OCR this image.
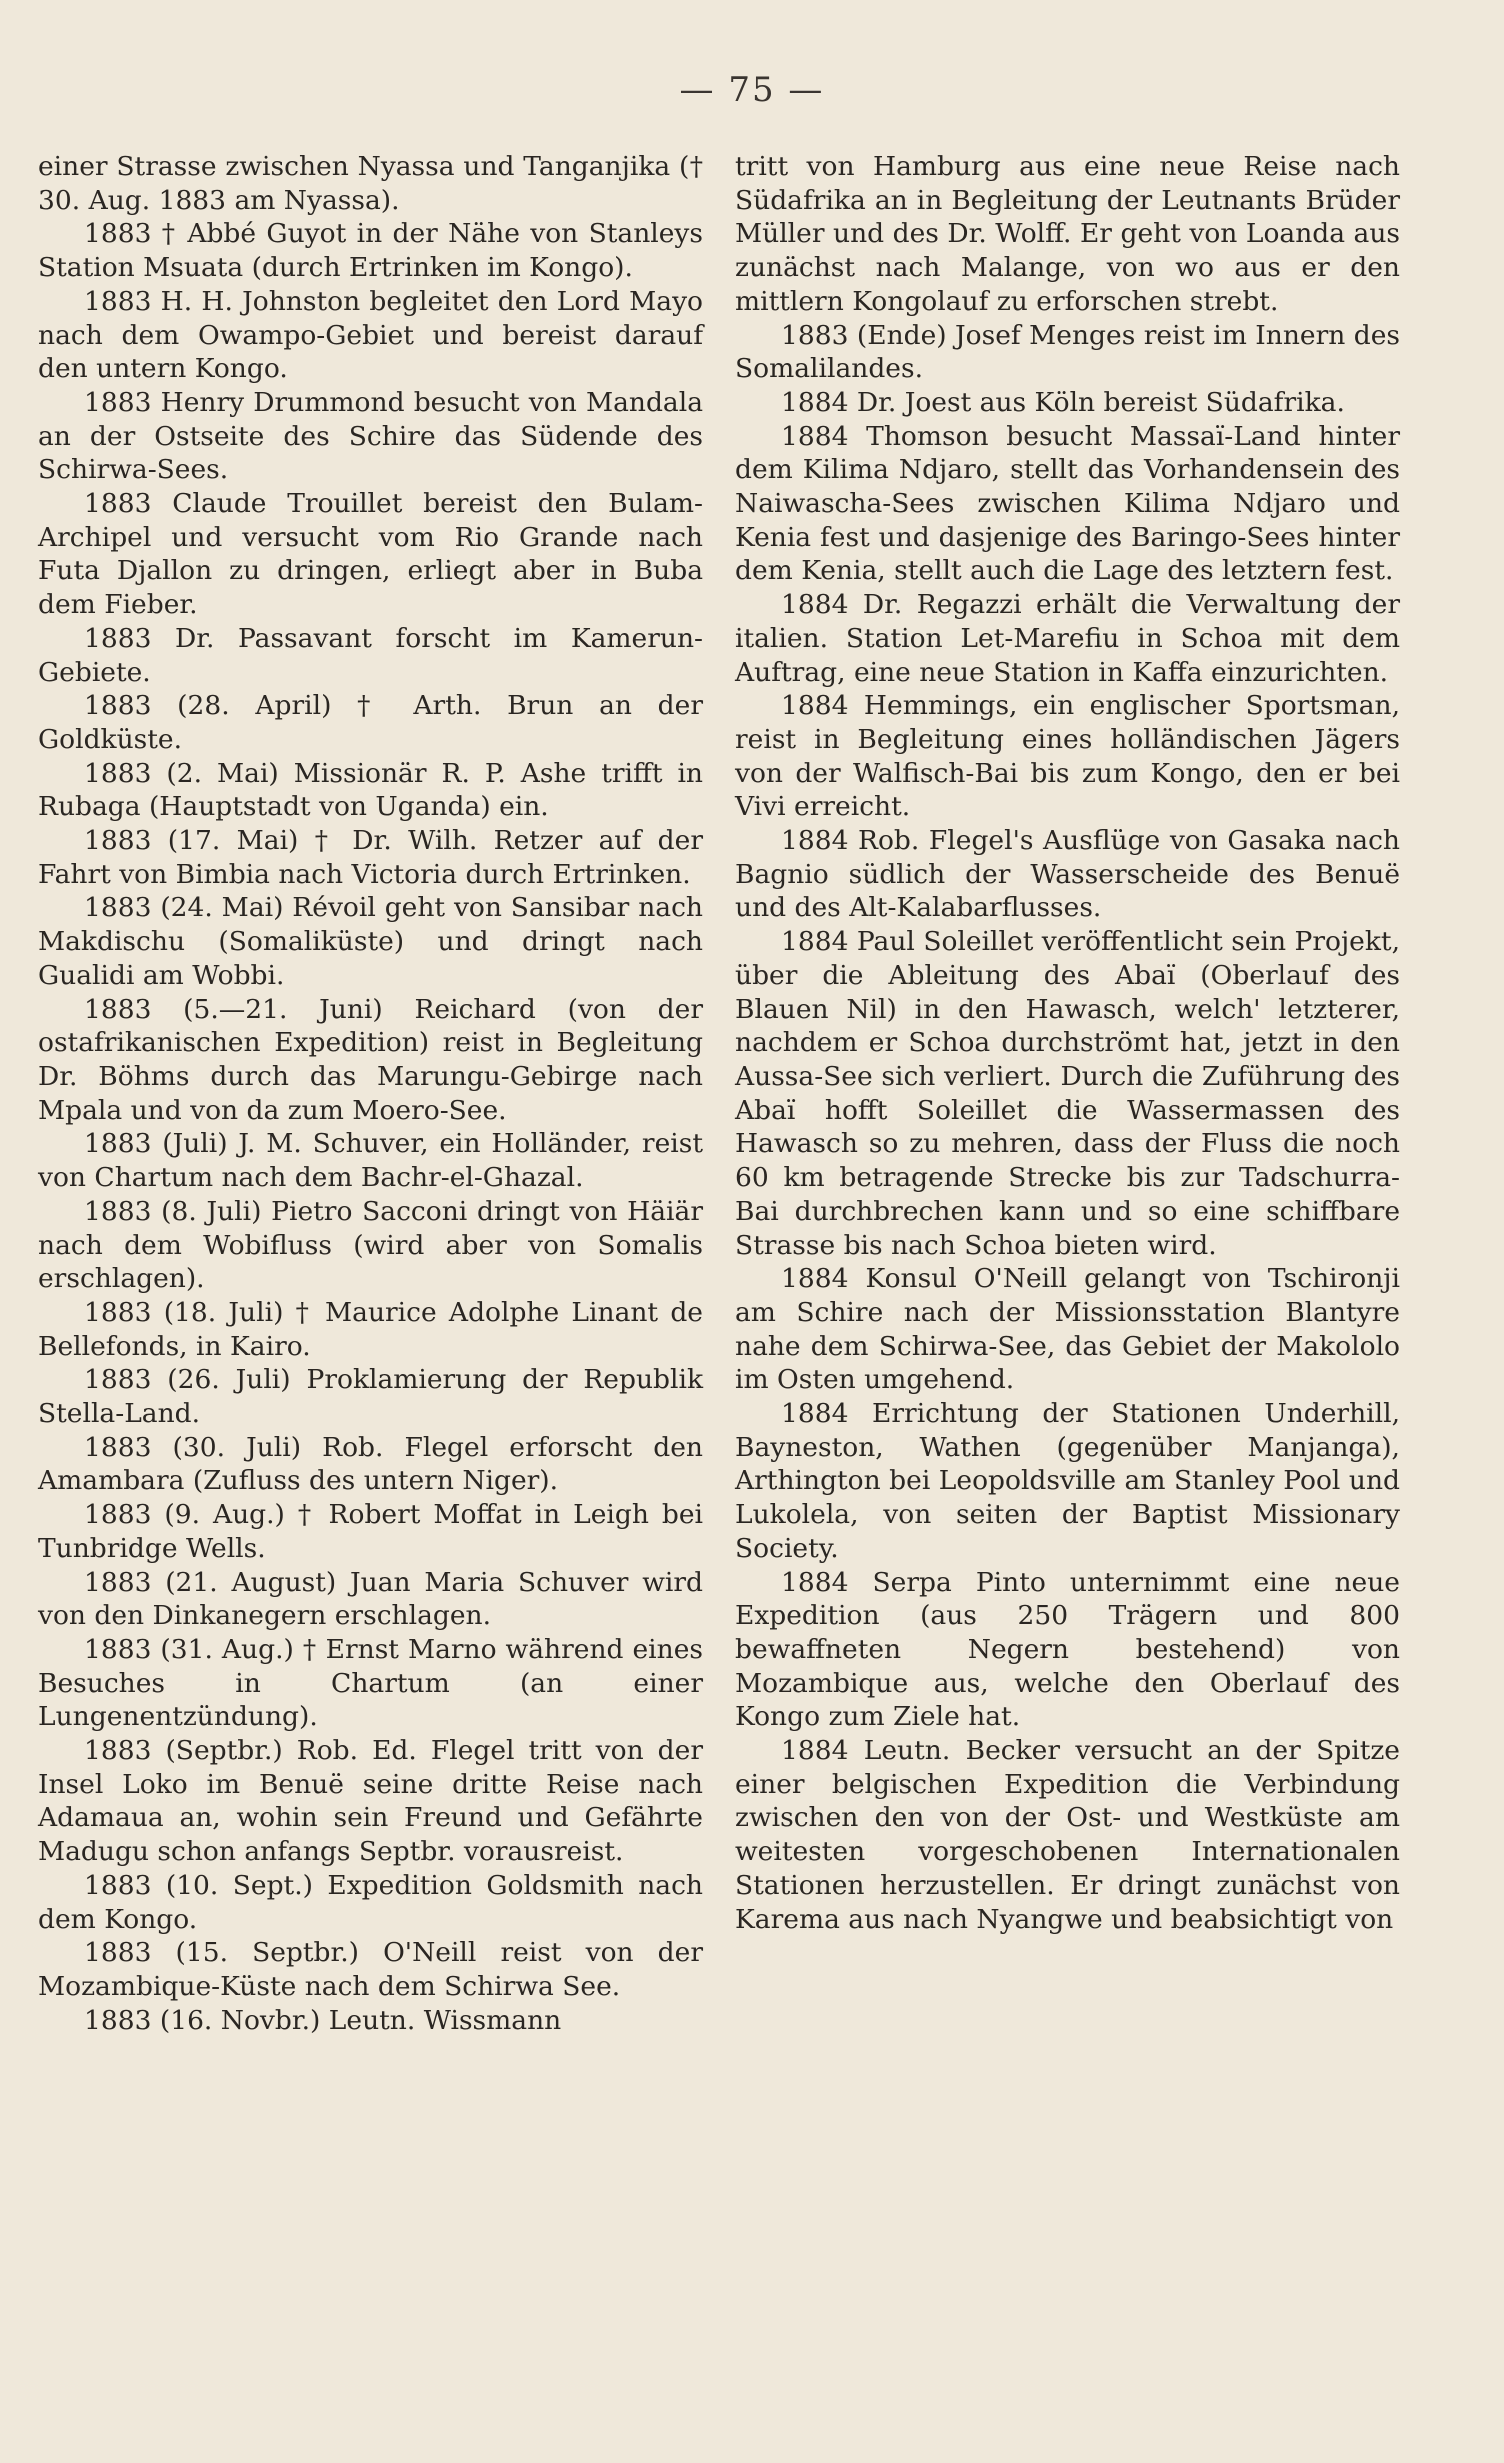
— 75 —

einer Strasse zwischen Nyassa und Tanganjika († 30. Aug. 1883 am Nyassa).

1883 † Abbé Guyot in der Nähe von Stanleys Station Msuata (durch Ertrinken im Kongo).

1883 H. H. Johnston begleitet den Lord Mayo nach dem Owampo-Gebiet und bereist darauf den untern Kongo.

1883 Henry Drummond besucht von Mandala an der Ostseite des Schire das Südende des Schirwa-Sees.

1883 Claude Trouillet bereist den Bulam-Archipel und versucht vom Rio Grande nach Futa Djallon zu dringen, erliegt aber in Buba dem Fieber.

1883 Dr. Passavant forscht im Kamerun-Gebiete.

1883 (28. April) † Arth. Brun an der Goldküste.

1883 (2. Mai) Missionär R. P. Ashe trifft in Rubaga (Hauptstadt von Uganda) ein.

1883 (17. Mai) † Dr. Wilh. Retzer auf der Fahrt von Bimbia nach Victoria durch Ertrinken.

1883 (24. Mai) Révoil geht von Sansibar nach Makdischu (Somaliküste) und dringt nach Gualidi am Wobbi.

1883 (5.—21. Juni) Reichard (von der ostafrikanischen Expedition) reist in Begleitung Dr. Böhms durch das Marungu-Gebirge nach Mpala und von da zum Moero-See.

1883 (Juli) J. M. Schuver, ein Holländer, reist von Chartum nach dem Bachr-el-Ghazal.

1883 (8. Juli) Pietro Sacconi dringt von Häiär nach dem Wobifluss (wird aber von Somalis erschlagen).

1883 (18. Juli) † Maurice Adolphe Linant de Bellefonds, in Kairo.

1883 (26. Juli) Proklamierung der Republik Stella-Land.

1883 (30. Juli) Rob. Flegel erforscht den Amambara (Zufluss des untern Niger).

1883 (9. Aug.) † Robert Moffat in Leigh bei Tunbridge Wells.

1883 (21. August) Juan Maria Schuver wird von den Dinkanegern erschlagen.

1883 (31. Aug.) † Ernst Marno während eines Besuches in Chartum (an einer Lungenentzündung).

1883 (Septbr.) Rob. Ed. Flegel tritt von der Insel Loko im Benuë seine dritte Reise nach Adamaua an, wohin sein Freund und Gefährte Madugu schon anfangs Septbr. vorausreist.

1883 (10. Sept.) Expedition Goldsmith nach dem Kongo.

1883 (15. Septbr.) O'Neill reist von der Mozambique-Küste nach dem Schirwa See.

1883 (16. Novbr.) Leutn. Wissmann

tritt von Hamburg aus eine neue Reise nach Südafrika an in Begleitung der Leutnants Brüder Müller und des Dr. Wolff. Er geht von Loanda aus zunächst nach Malange, von wo aus er den mittlern Kongolauf zu erforschen strebt.

1883 (Ende) Josef Menges reist im Innern des Somalilandes.

1884 Dr. Joest aus Köln bereist Südafrika.

1884 Thomson besucht Massaï-Land hinter dem Kilima Ndjaro, stellt das Vorhandensein des Naiwascha-Sees zwischen Kilima Ndjaro und Kenia fest und dasjenige des Baringo-Sees hinter dem Kenia, stellt auch die Lage des letztern fest.

1884 Dr. Regazzi erhält die Verwaltung der italien. Station Let-Marefiu in Schoa mit dem Auftrag, eine neue Station in Kaffa einzurichten.

1884 Hemmings, ein englischer Sportsman, reist in Begleitung eines holländischen Jägers von der Walfisch-Bai bis zum Kongo, den er bei Vivi erreicht.

1884 Rob. Flegel's Ausflüge von Gasaka nach Bagnio südlich der Wasserscheide des Benuë und des Alt-Kalabarflusses.

1884 Paul Soleillet veröffentlicht sein Projekt, über die Ableitung des Abaï (Oberlauf des Blauen Nil) in den Hawasch, welch' letzterer, nachdem er Schoa durchströmt hat, jetzt in den Aussa-See sich verliert. Durch die Zuführung des Abaï hofft Soleillet die Wassermassen des Hawasch so zu mehren, dass der Fluss die noch 60 km betragende Strecke bis zur Tadschurra-Bai durchbrechen kann und so eine schiffbare Strasse bis nach Schoa bieten wird.

1884 Konsul O'Neill gelangt von Tschironji am Schire nach der Missionsstation Blantyre nahe dem Schirwa-See, das Gebiet der Makololo im Osten umgehend.

1884 Errichtung der Stationen Underhill, Bayneston, Wathen (gegenüber Manjanga), Arthington bei Leopoldsville am Stanley Pool und Lukolela, von seiten der Baptist Missionary Society.

1884 Serpa Pinto unternimmt eine neue Expedition (aus 250 Trägern und 800 bewaffneten Negern bestehend) von Mozambique aus, welche den Oberlauf des Kongo zum Ziele hat.

1884 Leutn. Becker versucht an der Spitze einer belgischen Expedition die Verbindung zwischen den von der Ost- und Westküste am weitesten vorgeschobenen Internationalen Stationen herzustellen. Er dringt zunächst von Karema aus nach Nyangwe und beabsichtigt von
